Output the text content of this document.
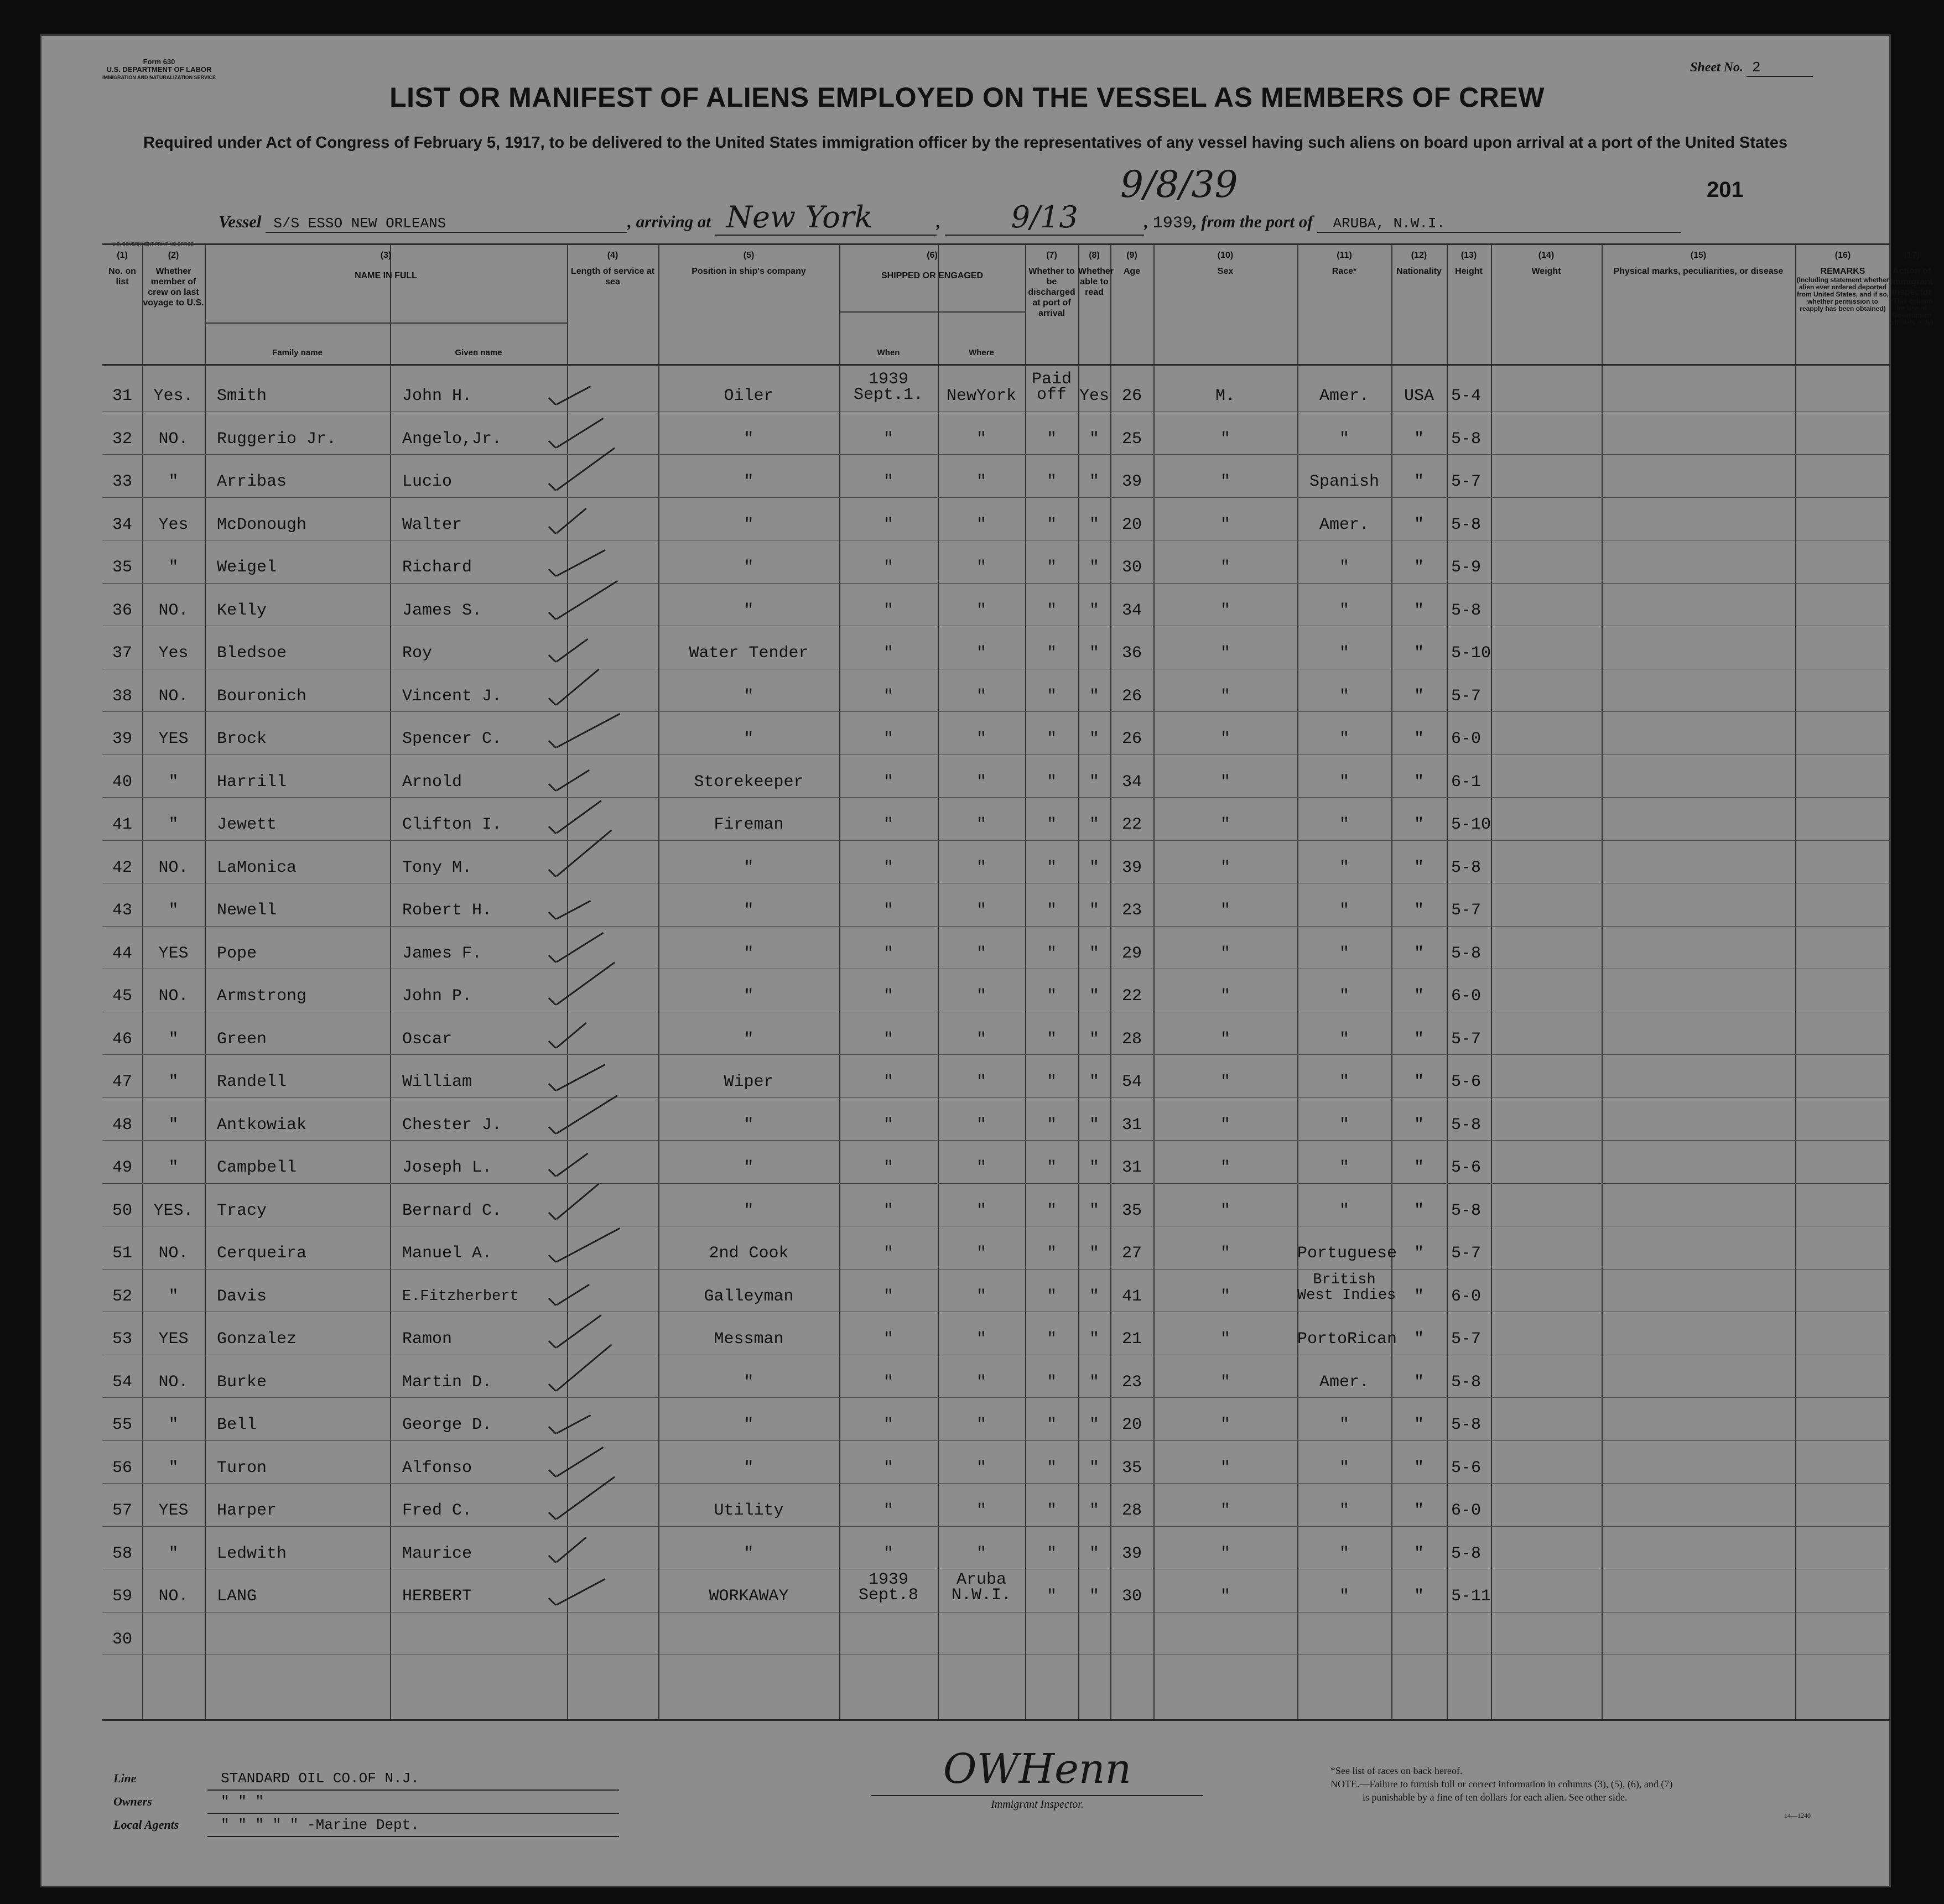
Form 630
U.S. DEPARTMENT OF LABOR
IMMIGRATION AND NATURALIZATION SERVICE
Sheet No. 2
LIST OR MANIFEST OF ALIENS EMPLOYED ON THE VESSEL AS MEMBERS OF CREW
Required under Act of Congress of February 5, 1917, to be delivered to the United States immigration officer by the representatives of any vessel having such aliens on board upon arrival at a port of the United States
Vessel S/S ESSO NEW ORLEANS	, arriving at New York	, 9/13	, 1939, from the port of ARUBA, N.W.I.
9/8/39	201
U.S. GOVERNMENT PRINTING OFFICE
(1)
No. on list
(2)
Whether member of crew on last voyage to U.S.
(3)
NAME IN FULL
Family name	Given name
(4)
Length of service at sea
(5)
Position in ship's company
(6)
SHIPPED OR ENGAGED
When	Where
(7)
Whether to be discharged at port of arrival
(8)
Whether able to read
(9)
Age
(10)
Sex
(11)
Race*
(12)
Nationality
(13)
Height
(14)
Weight
(15)
Physical marks, peculiarities, or disease
(16)
REMARKS
(Including statement whether alien ever ordered deported from United States, and if so, whether permission to reapply has been obtained)
(17)
Action of Immigrant Inspector
(This column for use of Government officials only)
31	Yes.	Smith	John H.	Oiler
1939
Sept.1.	NewYork
Paid
off Yes 26	M.	Amer.	USA	5-4
32	NO.	Ruggerio Jr.	Angelo,Jr.	"	"	"	"	"	25	"	"	"	5-8
33	"	Arribas	Lucio	"	"	"	"	"	39	"	Spanish	"	5-7
34	Yes	McDonough	Walter	"	"	"	"	"	20	"	Amer.	"	5-8
35	"	Weigel	Richard	"	"	"	"	"	30	"	"	"	5-9
36	NO.	Kelly	James S.	"	"	"	"	"	34	"	"	"	5-8
37	Yes	Bledsoe	Roy	Water Tender	"	"	"	"	36	"	"	"	5-10
38	NO.	Bouronich	Vincent J.	"	"	"	"	"	26	"	"	"	5-7
39	YES	Brock	Spencer C.	"	"	"	"	"	26	"	"	"	6-0
40	"	Harrill	Arnold	Storekeeper	"	"	"	"	34	"	"	"	6-1
41	"	Jewett	Clifton I.	Fireman	"	"	"	"	22	"	"	"	5-10
42	NO.	LaMonica	Tony M.	"	"	"	"	"	39	"	"	"	5-8
43	"	Newell	Robert H.	"	"	"	"	"	23	"	"	"	5-7
44	YES	Pope	James F.	"	"	"	"	"	29	"	"	"	5-8
45	NO.	Armstrong	John P.	"	"	"	"	"	22	"	"	"	6-0
46	"	Green	Oscar	"	"	"	"	"	28	"	"	"	5-7
47	"	Randell	William	Wiper	"	"	"	"	54	"	"	"	5-6
48	"	Antkowiak	Chester J.	"	"	"	"	"	31	"	"	"	5-8
49	"	Campbell	Joseph L.	"	"	"	"	"	31	"	"	"	5-6
50	YES.	Tracy	Bernard C.	"	"	"	"	"	35	"	"	"	5-8
51	NO.	Cerqueira	Manuel A.	2nd Cook	"	"	"	"	27	"	Portuguese	"	5-7
52	"	Davis	E.Fitzherbert	Galleyman	"	"	"	"	41	"
British
West Indies	"	6-0
53	YES	Gonzalez	Ramon	Messman	"	"	"	"	21	"	PortoRican	"	5-7
54	NO.	Burke	Martin D.	"	"	"	"	"	23	"	Amer.	"	5-8
55	"	Bell	George D.	"	"	"	"	"	20	"	"	"	5-8
56	"	Turon	Alfonso	"	"	"	"	"	35	"	"	"	5-6
57	YES	Harper	Fred C.	Utility	"	"	"	"	28	"	"	"	6-0
58	"	Ledwith	Maurice	"	"	"	"	"	39	"	"	"	5-8
59	NO.	LANG	HERBERT	WORKAWAY
1939
Sept.8
Aruba
N.W.I.	"	"	30	"	"	"	5-11
30
Line	STANDARD OIL CO.OF N.J.
Owners	" " "
Local Agents	" " " " " -Marine Dept.
OWHenn
Immigrant Inspector.
*See list of races on back hereof.
NOTE.—Failure to furnish full or correct information in columns (3), (5), (6), and (7)
is punishable by a fine of ten dollars for each alien. See other side.
14—1240
